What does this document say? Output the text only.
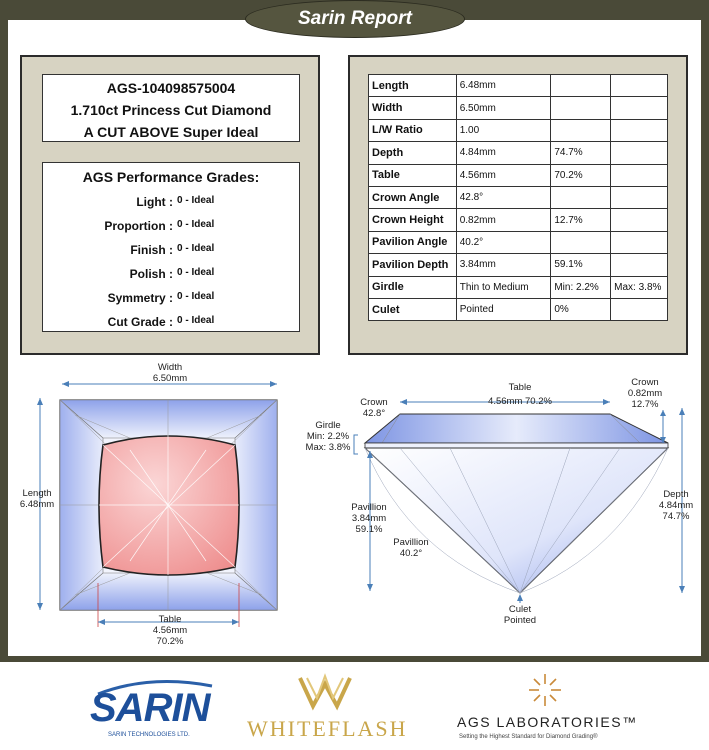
Sarin Report
AGS-104098575004
1.710ct Princess Cut Diamond
A CUT ABOVE Super Ideal
AGS Performance Grades:
Light : 0 - Ideal
Proportion : 0 - Ideal
Finish : 0 - Ideal
Polish : 0 - Ideal
Symmetry : 0 - Ideal
Cut Grade : 0 - Ideal
Length	6.48mm		
Width	6.50mm		
L/W Ratio	1.00		
Depth	4.84mm	74.7%	
Table	4.56mm	70.2%	
Crown Angle	42.8°		
Crown Height	0.82mm	12.7%	
Pavilion Angle	40.2°		
Pavilion Depth	3.84mm	59.1%	
Girdle	Thin to Medium	Min: 2.2%	Max: 3.8%
Culet	Pointed	0%	
Width
6.50mm
Length
6.48mm
Table
4.56mm
70.2%
Table
4.56mm 70.2%
Crown
42.8°
Crown
0.82mm
12.7%
Girdle
Min: 2.2%
Max: 3.8%
Depth
4.84mm
74.7%
Pavillion
3.84mm
59.1%
Pavillion
40.2°
Culet
Pointed
SARIN
SARIN TECHNOLOGIES LTD.	WHITEFLASH	AGS LABORATORIES™
Setting the Highest Standard for Diamond Grading®
